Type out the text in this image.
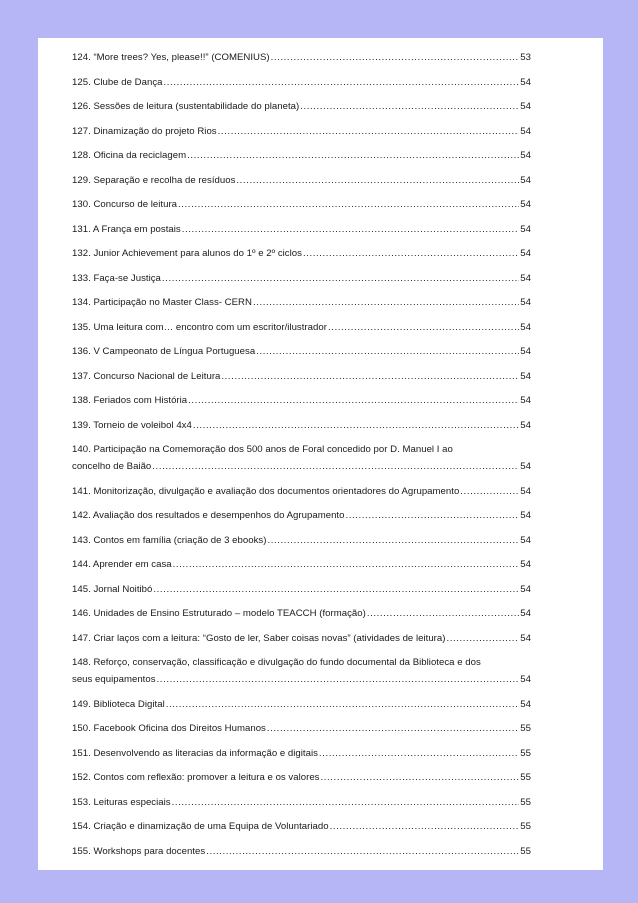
124. “More trees? Yes, please!!” (COMENIUS) .....	53
125. Clube de Dança .....	54
126. Sessões de leitura (sustentabilidade do planeta) .....	54
127. Dinamização do projeto Rios .....	54
128. Oficina da reciclagem .....	54
129. Separação e recolha de resíduos .....	54
130. Concurso de leitura .....	54
131. A França em postais .....	54
132. Junior Achievement para alunos do 1º e 2º ciclos .....	54
133. Faça-se Justiça .....	54
134. Participação no Master Class- CERN .....	54
135. Uma leitura com… encontro com um escritor/ilustrador .....	54
136. V Campeonato de Língua Portuguesa .....	54
137. Concurso Nacional de Leitura .....	54
138. Feriados com História .....	54
139. Torneio de voleibol 4x4 .....	54
140. Participação na Comemoração dos 500 anos de Foral concedido por D. Manuel I ao
concelho de Baião .....	54
141. Monitorização, divulgação e avaliação dos documentos orientadores do Agrupamento .....	54
142. Avaliação dos resultados e desempenhos do Agrupamento .....	54
143. Contos em família (criação de 3 ebooks) .....	54
144. Aprender em casa .....	54
145. Jornal Noitibó .....	54
146. Unidades de Ensino Estruturado – modelo TEACCH (formação) .....	54
147. Criar laços com a leitura: “Gosto de ler, Saber coisas novas” (atividades de leitura) .....	54
148. Reforço, conservação, classificação e divulgação do fundo documental da Biblioteca e dos
seus equipamentos .....	54
149. Biblioteca Digital .....	54
150. Facebook Oficina dos Direitos Humanos .....	55
151. Desenvolvendo as literacias da informação e digitais .....	55
152. Contos com reflexão: promover a leitura e os valores .....	55
153. Leituras especiais .....	55
154. Criação e dinamização de uma Equipa de Voluntariado .....	55
155. Workshops para docentes .....	55
